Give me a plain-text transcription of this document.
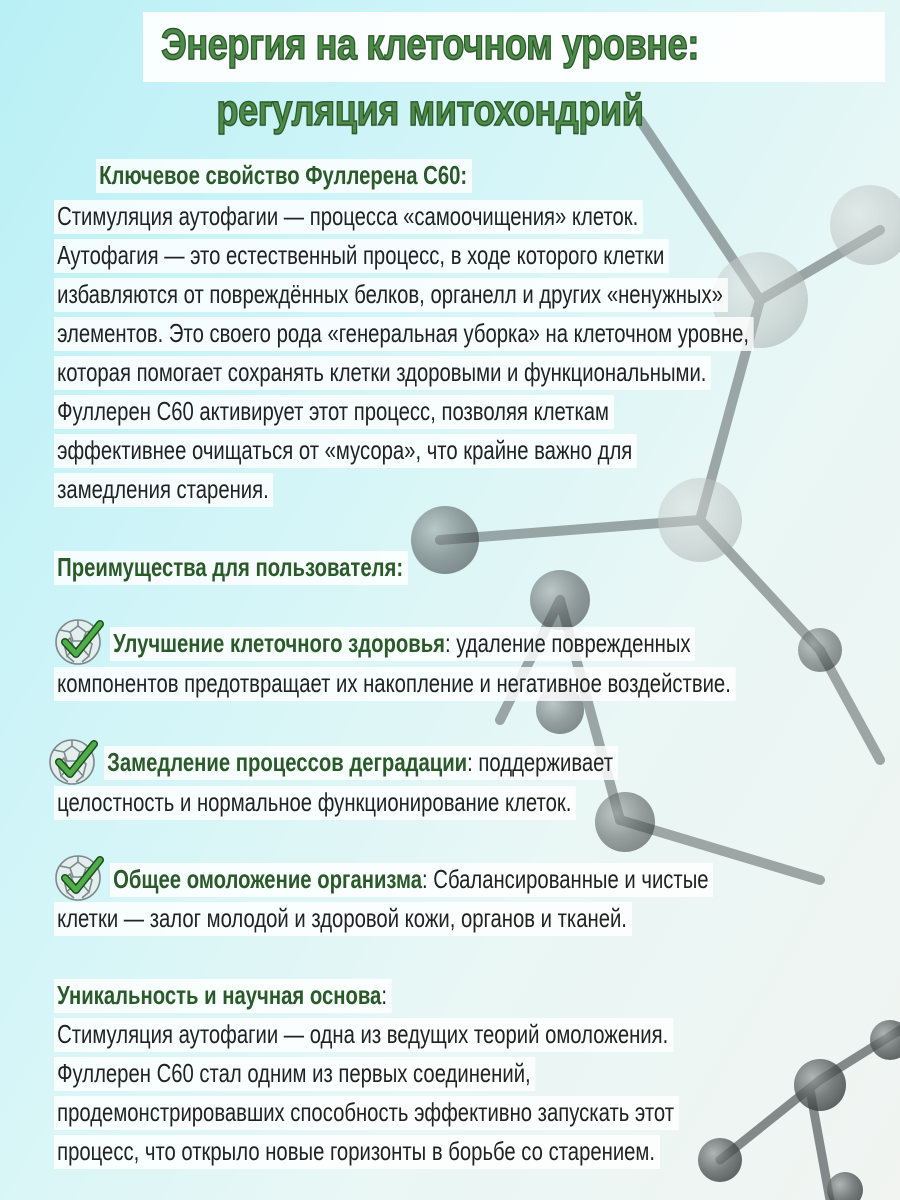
Энергия на клеточном уровне:
регуляция митохондрий
Ключевое свойство Фуллерена С60:
Стимуляция аутофагии — процесса «самоочищения» клеток.
Аутофагия — это естественный процесс, в ходе которого клетки
избавляются от повреждённых белков, органелл и других «ненужных»
элементов. Это своего рода «генеральная уборка» на клеточном уровне,
которая помогает сохранять клетки здоровыми и функциональными.
Фуллерен С60 активирует этот процесс, позволяя клеткам
эффективнее очищаться от «мусора», что крайне важно для
замедления старения.
Преимущества для пользователя:
Улучшение клеточного здоровья: удаление поврежденных
компонентов предотвращает их накопление и негативное воздействие.
Замедление процессов деградации: поддерживает
целостность и нормальное функционирование клеток.
Общее омоложение организма: Сбалансированные и чистые
клетки — залог молодой и здоровой кожи, органов и тканей.
Уникальность и научная основа:
Стимуляция аутофагии — одна из ведущих теорий омоложения.
Фуллерен С60 стал одним из первых соединений,
продемонстрировавших способность эффективно запускать этот
процесс, что открыло новые горизонты в борьбе со старением.
